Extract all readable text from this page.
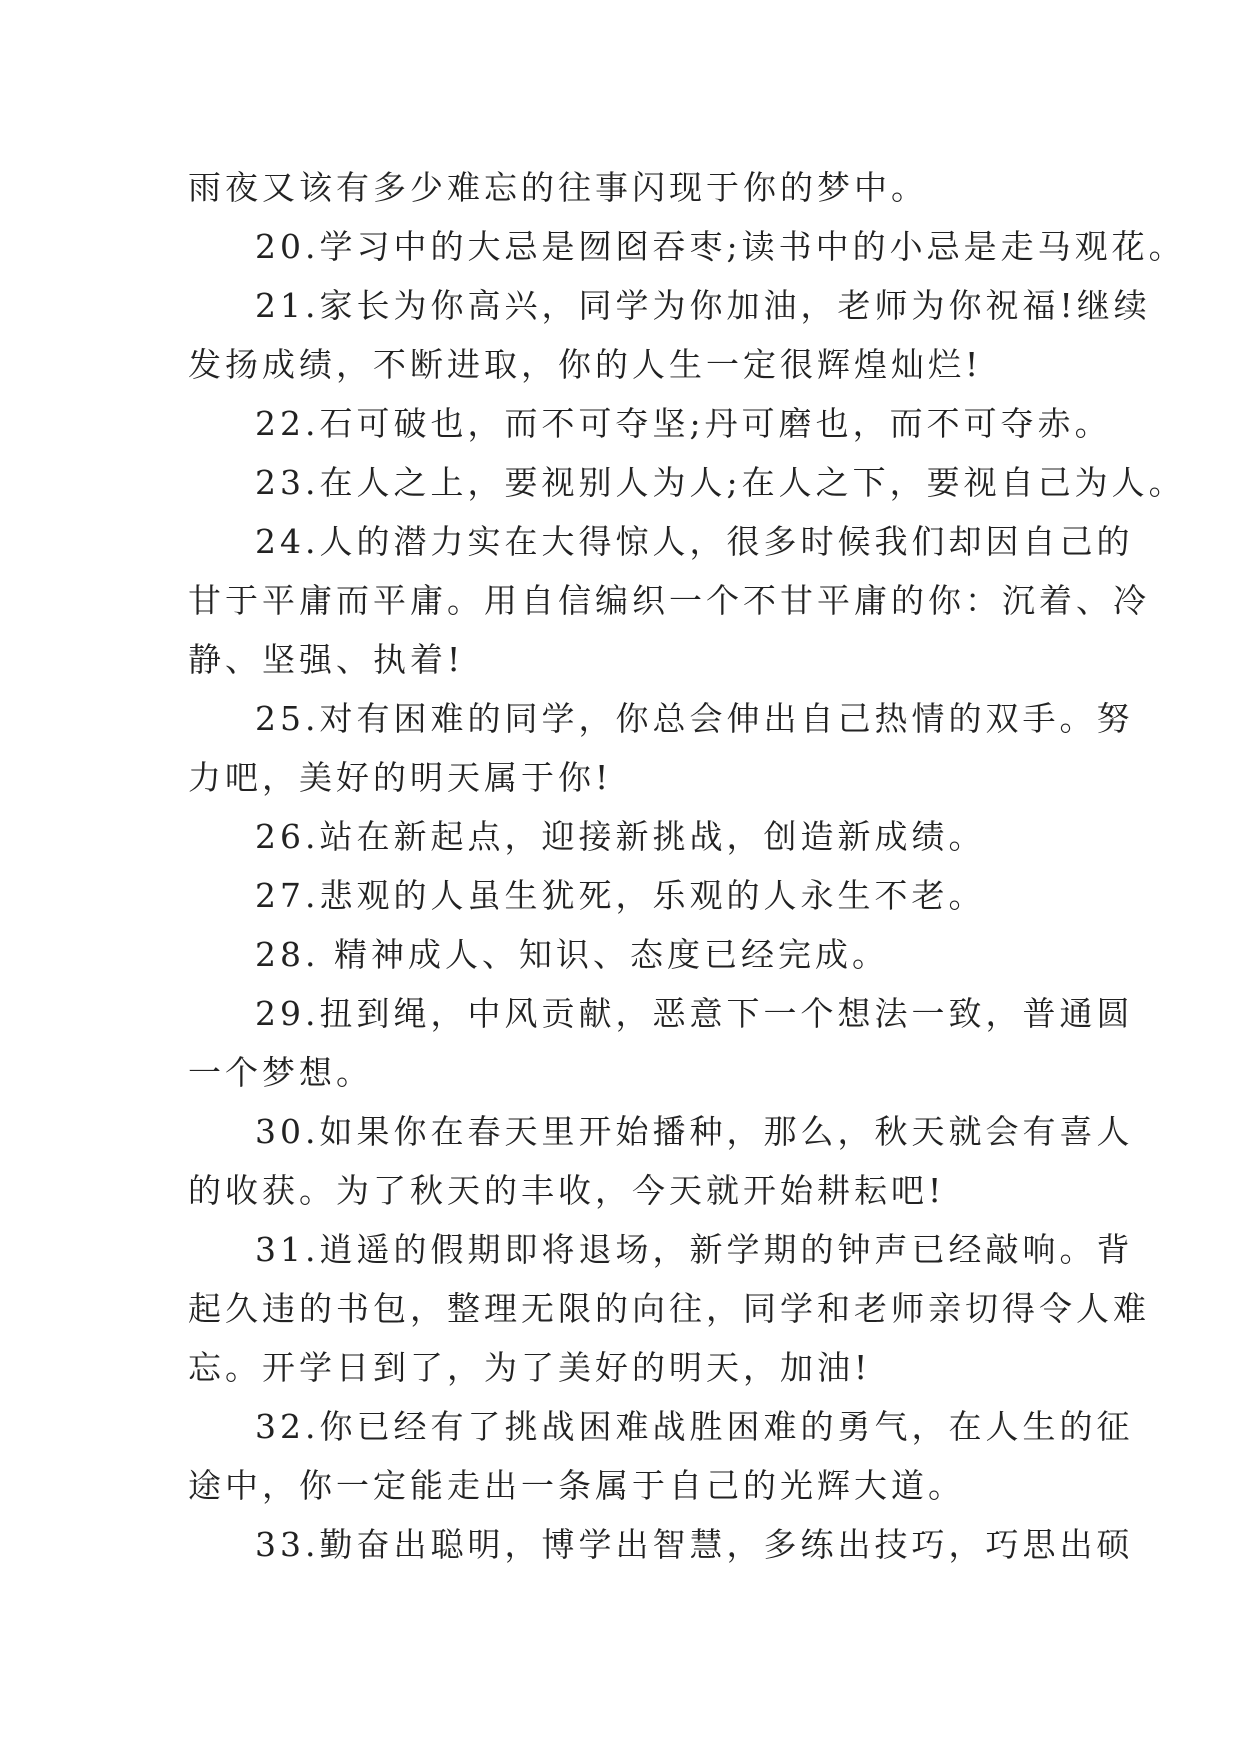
雨夜又该有多少难忘的往事闪现于你的梦中。

20.学习中的大忌是囫囵吞枣;读书中的小忌是走马观花。

21.家长为你高兴，同学为你加油，老师为你祝福!继续

发扬成绩，不断进取，你的人生一定很辉煌灿烂!

22.石可破也，而不可夺坚;丹可磨也，而不可夺赤。

23.在人之上，要视别人为人;在人之下，要视自己为人。

24.人的潜力实在大得惊人，很多时候我们却因自己的

甘于平庸而平庸。用自信编织一个不甘平庸的你：沉着、冷

静、坚强、执着!

25.对有困难的同学，你总会伸出自己热情的双手。努

力吧，美好的明天属于你!

26.站在新起点，迎接新挑战，创造新成绩。

27.悲观的人虽生犹死，乐观的人永生不老。

28. 精神成人、知识、态度已经完成。

29.扭到绳，中风贡献，恶意下一个想法一致，普通圆

一个梦想。

30.如果你在春天里开始播种，那么，秋天就会有喜人

的收获。为了秋天的丰收，今天就开始耕耘吧!

31.逍遥的假期即将退场，新学期的钟声已经敲响。背

起久违的书包，整理无限的向往，同学和老师亲切得令人难

忘。开学日到了，为了美好的明天，加油!

32.你已经有了挑战困难战胜困难的勇气，在人生的征

途中，你一定能走出一条属于自己的光辉大道。

33.勤奋出聪明，博学出智慧，多练出技巧，巧思出硕
